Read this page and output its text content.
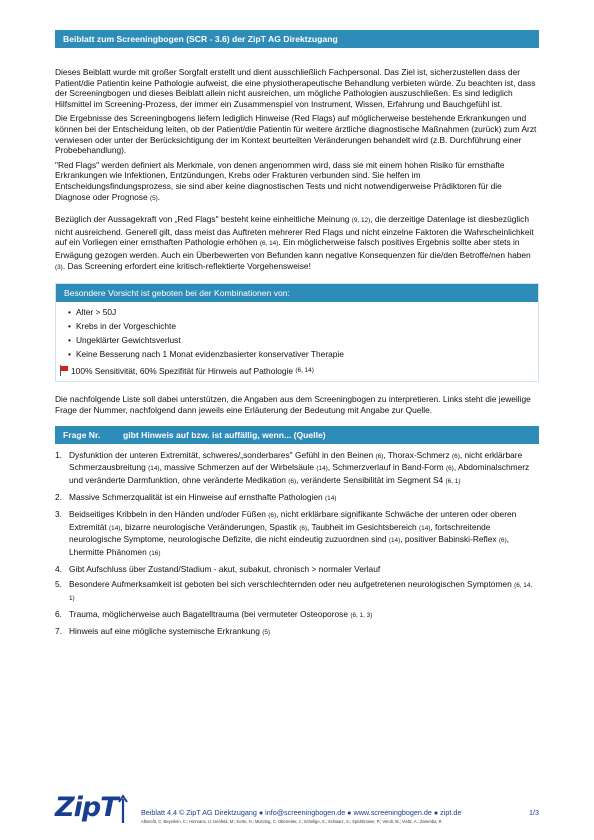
Beiblatt zum Screeningbogen (SCR - 3.6) der ZipT AG Direktzugang

Dieses Beiblatt wurde mit großer Sorgfalt erstellt und dient ausschließlich Fachpersonal. Das Ziel ist, sicherzustellen dass der Patient/die Patientin keine Pathologie aufweist, die eine physiotherapeutische Behandlung verbieten würde. Zu beachten ist, dass der Screeningbogen und dieses Beiblatt allein nicht ausreichen, um mögliche Pathologien auszuschließen. Es sind lediglich Hilfsmittel im Screening-Prozess, der immer ein Zusammenspiel von Instrument, Wissen, Erfahrung und Bauchgefühl ist.

Die Ergebnisse des Screeningbogens liefern lediglich Hinweise (Red Flags) auf möglicherweise bestehende Erkrankungen und können bei der Entscheidung leiten, ob der Patient/die Patientin für weitere ärztliche diagnostische Maßnahmen (zurück) zum Arzt verwiesen oder unter der Berücksichtigung der im Kontext beurteilten Veränderungen behandelt wird (z.B. Durchführung einer Probebehandlung).

"Red Flags" werden definiert als Merkmale, von denen angenommen wird, dass sie mit einem hohen Risiko für ernsthafte Erkrankungen wie Infektionen, Entzündungen, Krebs oder Frakturen verbunden sind. Sie helfen im Entscheidungsfindungsprozess, sie sind aber keine diagnostischen Tests und nicht notwendigerweise Prädiktoren für die Diagnose oder Prognose (5).

Bezüglich der Aussagekraft von „Red Flags" besteht keine einheitliche Meinung (9, 12), die derzeitige Datenlage ist diesbezüglich nicht ausreichend. Generell gilt, dass meist das Auftreten mehrerer Red Flags und nicht einzelne Faktoren die Wahrscheinlichkeit auf ein Vorliegen einer ernsthaften Pathologie erhöhen (6, 14). Ein möglicherweise falsch positives Ergebnis sollte aber stets in Erwägung gezogen werden. Auch ein Überbewerten von Befunden kann negative Konsequenzen für die/den Betroffe/nen haben (3). Das Screening erfordert eine kritisch-reflektierte Vorgehensweise!

Besondere Vorsicht ist geboten bei der Kombinationen von:
• Alter > 50J
• Krebs in der Vorgeschichte
• Ungeklärter Gewichtsverlust
• Keine Besserung nach 1 Monat evidenzbasierter konservativer Therapie
100% Sensitivität, 60% Spezifität für Hinweis auf Pathologie
(6, 14)

Die nachfolgende Liste soll dabei unterstützen, die Angaben aus dem Screeningbogen zu interpretieren. Links steht die jeweilige Frage der Nummer, nachfolgend dann jeweils eine Erläuterung der Bedeutung mit Angabe zur Quelle.

Frage Nr.	gibt Hinweis auf bzw. ist auffällig, wenn... (Quelle)
1. Dysfunktion der unteren Extremität, schweres/„sonderbares" Gefühl in den Beinen (6), Thorax-Schmerz (6), nicht erklärbare Schmerzausbreitung (14), massive Schmerzen auf der Wirbelsäule (14), Schmerzverlauf in Band-Form (6), Abdominalschmerz und veränderte Darmfunktion, ohne veränderte Medikation (6), veränderte Sensibilität im Segment S4 (6, 1)
2. Massive Schmerzqualität ist ein Hinweise auf ernsthafte Pathologien (14)
3. Beidseitiges Kribbeln in den Händen und/oder Füßen (6), nicht erklärbare signifikante Schwäche der unteren oder oberen Extremität (14), bizarre neurologische Veränderungen, Spastik (6), Taubheit im Gesichtsbereich (14), fortschreitende neurologische Symptome, neurologische Defizite, die nicht eindeutig zuzuordnen sind (14), positiver Babinski-Reflex (6), Lhermitte Phänomen (16)
4. Gibt Aufschluss über Zustand/Stadium - akut, subakut, chronisch > normaler Verlauf
5. Besondere Aufmerksamkeit ist geboten bei sich verschlechternden oder neu aufgetretenen neurologischen Symptomen (6, 14, 1)
6. Trauma, möglicherweise auch Bagatelltrauma (bei vermuteter Osteoporose (6, 1, 3)
7. Hinweis auf eine mögliche systemische Erkrankung (5)
ZipT	Beiblatt 4.4 © ZipT AG Direktzugang ● info@screeningbogen.de ● www.screeningbogen.de ● zipt.de
Albrecht, C; Beyerlein, C.; Hinnrans, U; Isenfeld, M.; Korte, H.; Münzing, C; Oberreiter, J.; Schellge, S.; Schwarz, S.; Spickhmeier, P.; Verolt, M.; Vieltz, A.; Zaremba, R.
1/3
